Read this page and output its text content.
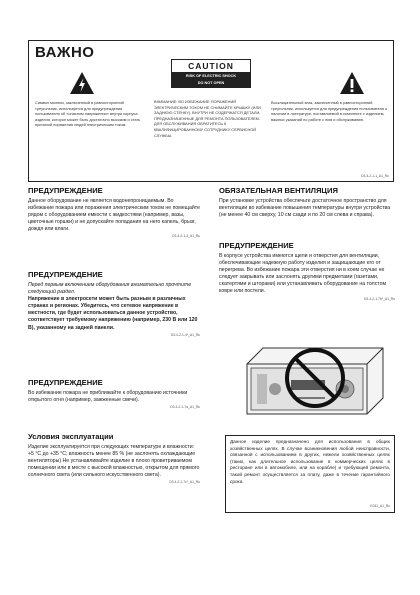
ВАЖНО
CAUTION
RISK OF ELECTRIC SHOCK
DO NOT OPEN
Символ молнии, заключенный в равносторонний треугольник, используется для предупреждения пользователя об «опасном напряжении» внутри корпуса изделия, которое может быть достаточно высоким и стать причиной поражения людей электрическим током.
ВНИМАНИЕ: ВО ИЗБЕЖАНИЕ ПОРАЖЕНИЙ ЭЛЕКТРИЧЕСКИМ ТОКОМ НЕ СНИМАЙТЕ КРЫШКУ (ИЛИ ЗАДНЮЮ СТЕНКУ). ВНУТРИ НЕ СОДЕРЖАТСЯ ДЕТАЛИ, ПРЕДНАЗНАЧЕННЫЕ ДЛЯ РЕМОНТА ПОЛЬЗОВАТЕЛЕМ. ДЛЯ ОБСЛУЖИВАНИЯ ОБРАТИТЕСЬ К КВАЛИФИЦИРОВАННОМУ СОТРУДНИКУ СЕРВИСНОЙ СЛУЖБЫ.
Восклицательный знак, заключенный в равносторонний треугольник, используется для предупреждения пользователя о наличии в литературе, поставляемой в комплекте с изделием, важных указаний по работе с ним и обслуживанию.
D3-4-2-1-1_A1_Ru
ПРЕДУПРЕЖДЕНИЕ
Данное оборудование не является водонепроницаемым. Во избежание пожара или поражения электрическим током не помещайте рядом с оборудованием емкости с жидкостями (например, вазы, цветочные горшки) и не допускайте попадания на него капель, брызг, дождя или влаги.
D3-4-2-1-3_A1_Ru
ПРЕДУПРЕЖДЕНИЕ
Перед первым включением оборудования внимательно прочтите следующий раздел.
Напряжение в электросети может быть разным в различных странах и регионах. Убедитесь, что сетевое напряжение в местности, где будет использоваться данное устройство, соответствует требуемому напряжению (например, 230 В или 120 В), указанному на задней панели.
D3-4-2-1-4*_A1_Ru
ПРЕДУПРЕЖДЕНИЕ
Во избежание пожара не приближайте к оборудованию источники открытого огня (например, зажженные свечи).
D3-4-2-1-7a_A1_Ru
Условия эксплуатации
Изделие эксплуатируется при следующих температуре и влажности: +5 °C до +35 °C; влажность менее 85 % (не заслонять охлаждающие вентиляторы) Не устанавливайте изделие в плохо проветриваемом помещении или в месте с высокой влажностью, открытом для прямого солнечного света (или сильного искусственного света).
D3-4-2-1-7c*_A1_Ru
ОБЯЗАТЕЛЬНАЯ ВЕНТИЛЯЦИЯ
При установке устройства обеспечьте достаточное пространство для вентиляции во избежание повышения температуры внутри устройства (не менее 40 см сверху, 10 см сзади и по 20 см слева и справа).
ПРЕДУПРЕЖДЕНИЕ
В корпусе устройства имеются щели и отверстия для вентиляции, обеспечивающие надежную работу изделия и защищающие его от перегрева. Во избежание пожара эти отверстия ни в коем случае не следует закрывать или заслонять другими предметами (газетами, скатертями и шторами) или устанавливать оборудование на толстом ковре или постели.
D3-4-2-1-7b*_A1_Ru
Данное изделие предназначено для использования в общих хозяйственных целях. В случае возникновения любой неисправности, связанной с использованием в других, нежели хозяйственных целях (таких, как длительное использование в коммерческих целях в ресторане или в автомобиле, или на корабле) и требующей ремонта, такой ремонт осуществляется за плату, даже в течение гарантийного срока.
K041_A1_Ru
